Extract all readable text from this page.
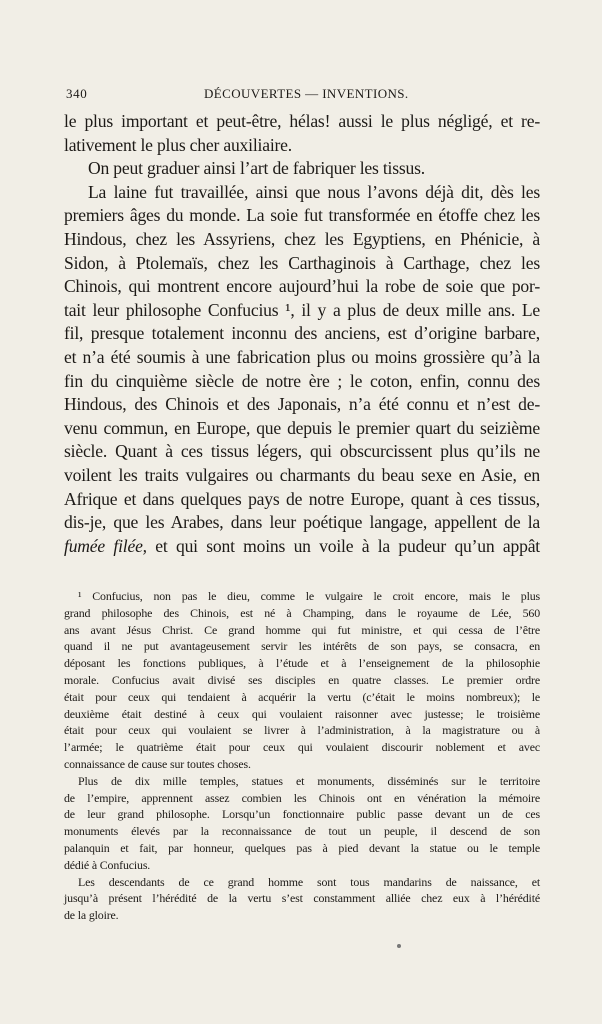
340	DÉCOUVERTES — INVENTIONS.
le plus important et peut-être, hélas! aussi le plus négligé, et re-
lativement le plus cher auxiliaire.
On peut graduer ainsi l’art de fabriquer les tissus.
La laine fut travaillée, ainsi que nous l’avons déjà dit, dès les
premiers âges du monde. La soie fut transformée en étoffe chez les
Hindous, chez les Assyriens, chez les Egyptiens, en Phénicie, à
Sidon, à Ptolemaïs, chez les Carthaginois à Carthage, chez les
Chinois, qui montrent encore aujourd’hui la robe de soie que por-
tait leur philosophe Confucius ¹, il y a plus de deux mille ans. Le
fil, presque totalement inconnu des anciens, est d’origine barbare,
et n’a été soumis à une fabrication plus ou moins grossière qu’à la
fin du cinquième siècle de notre ère ; le coton, enfin, connu des
Hindous, des Chinois et des Japonais, n’a été connu et n’est de-
venu commun, en Europe, que depuis le premier quart du seizième
siècle. Quant à ces tissus légers, qui obscurcissent plus qu’ils ne
voilent les traits vulgaires ou charmants du beau sexe en Asie, en
Afrique et dans quelques pays de notre Europe, quant à ces tissus,
dis-je, que les Arabes, dans leur poétique langage, appellent de la
fumée filée, et qui sont moins un voile à la pudeur qu’un appât
¹ Confucius, non pas le dieu, comme le vulgaire le croit encore, mais le plus
grand philosophe des Chinois, est né à Champing, dans le royaume de Lée, 560
ans avant Jésus Christ. Ce grand homme qui fut ministre, et qui cessa de l’être
quand il ne put avantageusement servir les intérêts de son pays, se consacra, en
déposant les fonctions publiques, à l’étude et à l’enseignement de la philosophie
morale. Confucius avait divisé ses disciples en quatre classes. Le premier ordre
était pour ceux qui tendaient à acquérir la vertu (c’était le moins nombreux); le
deuxième était destiné à ceux qui voulaient raisonner avec justesse; le troisième
était pour ceux qui voulaient se livrer à l’administration, à la magistrature ou à
l’armée; le quatrième était pour ceux qui voulaient discourir noblement et avec
connaissance de cause sur toutes choses.
Plus de dix mille temples, statues et monuments, disséminés sur le territoire
de l’empire, apprennent assez combien les Chinois ont en vénération la mémoire
de leur grand philosophe. Lorsqu’un fonctionnaire public passe devant un de ces
monuments élevés par la reconnaissance de tout un peuple, il descend de son
palanquin et fait, par honneur, quelques pas à pied devant la statue ou le temple
dédié à Confucius.
Les descendants de ce grand homme sont tous mandarins de naissance, et
jusqu’à présent l’hérédité de la vertu s’est constamment alliée chez eux à l’hérédité
de la gloire.
